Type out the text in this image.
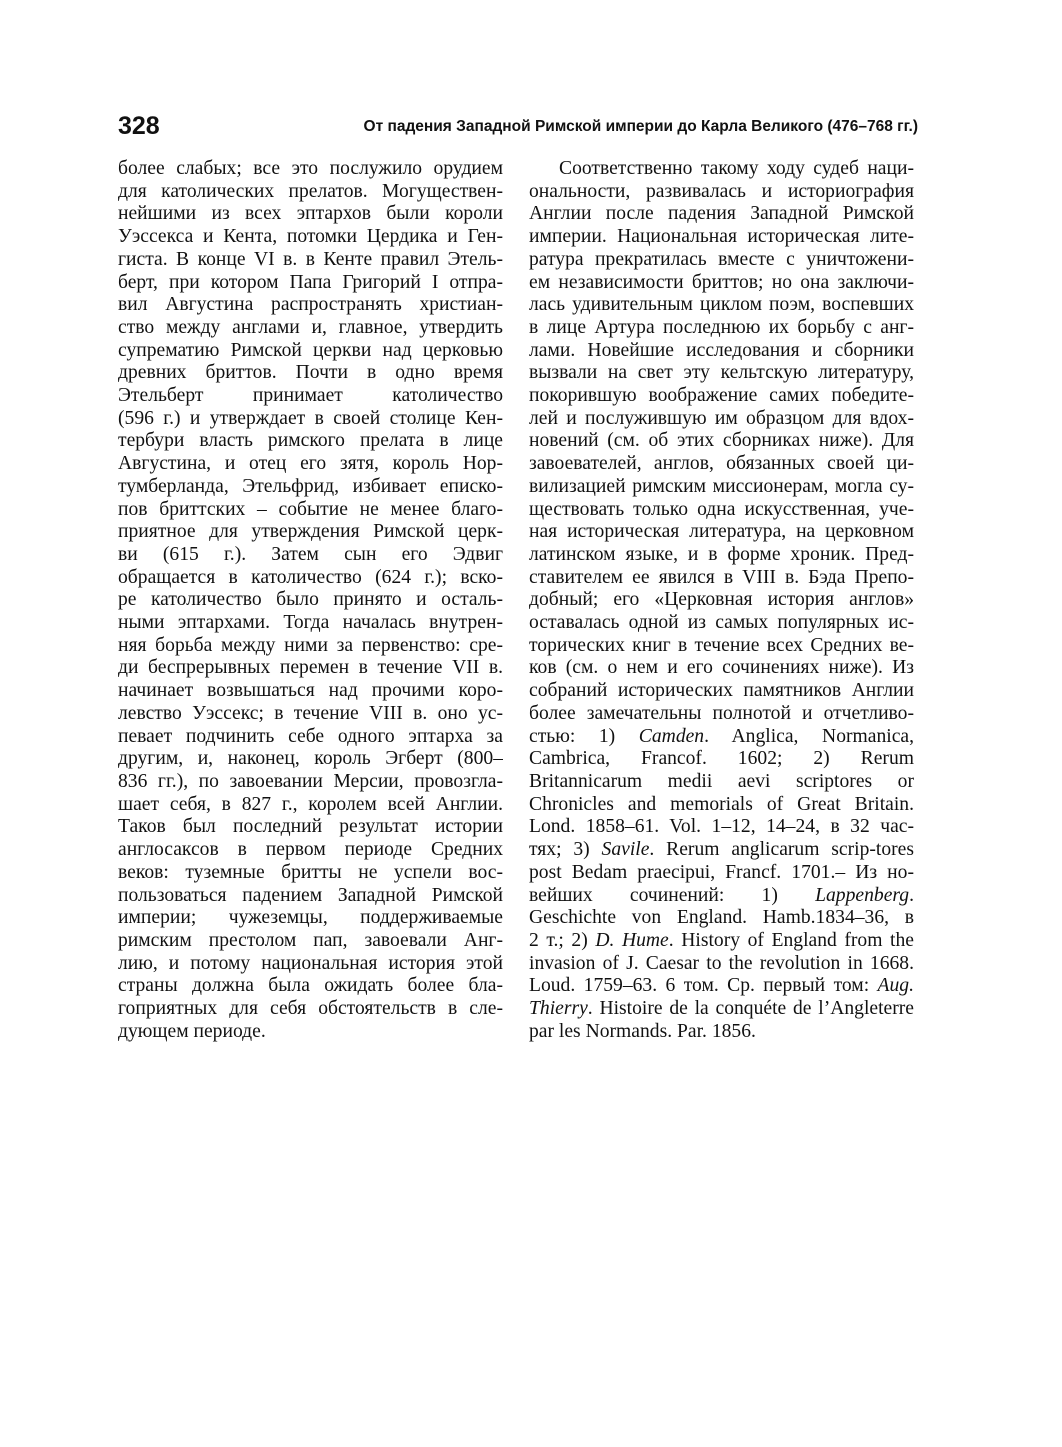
328	От падения Западной Римской империи до Карла Великого (476–768 гг.)
более слабых; все это послужило орудием
для католических прелатов. Могуществен-
нейшими из всех эптархов были короли
Уэссекса и Кента, потомки Цердика и Ген-
гиста. В конце VI в. в Кенте правил Этель-
берт, при котором Папа Григорий I отпра-
вил Августина распространять христиан-
ство между англами и, главное, утвердить
супрематию Римской церкви над церковью
древних бриттов. Почти в одно время
Этельберт принимает католичество
(596 г.) и утверждает в своей столице Кен-
тербури власть римского прелата в лице
Августина, и отец его зятя, король Нор-
тумберланда, Этельфрид, избивает еписко-
пов бриттских – событие не менее благо-
приятное для утверждения Римской церк-
ви (615 г.). Затем сын его Эдвиг
обращается в католичество (624 г.); вско-
ре католичество было принято и осталь-
ными эптархами. Тогда началась внутрен-
няя борьба между ними за первенство: сре-
ди беспрерывных перемен в течение VII в.
начинает возвышаться над прочими коро-
левство Уэссекс; в течение VIII в. оно ус-
певает подчинить себе одного эптарха за
другим, и, наконец, король Эгберт (800–
836 гг.), по завоевании Мерсии, провозгла-
шает себя, в 827 г., королем всей Англии.
Таков был последний результат истории
англосаксов в первом периоде Средних
веков: туземные бритты не успели вос-
пользоваться падением Западной Римской
империи; чужеземцы, поддерживаемые
римским престолом пап, завоевали Анг-
лию, и потому национальная история этой
страны должна была ожидать более бла-
гоприятных для себя обстоятельств в сле-
дующем периоде.
Соответственно такому ходу судеб наци-
ональности, развивалась и историография
Англии после падения Западной Римской
империи. Национальная историческая лите-
ратура прекратилась вместе с уничтожени-
ем независимости бриттов; но она заключи-
лась удивительным циклом поэм, воспевших
в лице Артура последнюю их борьбу с анг-
лами. Новейшие исследования и сборники
вызвали на свет эту кельтскую литературу,
покорившую воображение самих победите-
лей и послужившую им образцом для вдох-
новений (см. об этих сборниках ниже). Для
завоевателей, англов, обязанных своей ци-
вилизацией римским миссионерам, могла су-
ществовать только одна искусственная, уче-
ная историческая литература, на церковном
латинском языке, и в форме хроник. Пред-
ставителем ее явился в VIII в. Бэда Препо-
добный; его «Церковная история англов»
оставалась одной из самых популярных ис-
торических книг в течение всех Средних ве-
ков (см. о нем и его сочинениях ниже). Из
собраний исторических памятников Англии
более замечательны полнотой и отчетливо-
стью: 1) Camden. Anglica, Normanica,
Cambrica, Francof. 1602; 2) Rerum
Britannicarum medii aevi scriptores or
Chronicles and memorials of Great Britain.
Lond. 1858–61. Vol. 1–12, 14–24, в 32 час-
тях; 3) Savile. Rerum anglicarum scrip-tores
post Bedam praecipui, Francf. 1701.– Из но-
вейших сочинений: 1) Lappenberg.
Geschichte von England. Hamb.1834–36, в
2 т.; 2) D. Hume. History of England from the
invasion of J. Caesar to the revolution in 1668.
Loud. 1759–63. 6 том. Ср. первый том: Aug.
Thierry. Histoire de la conquéte de l’Angleterre
par les Normands. Par. 1856.
